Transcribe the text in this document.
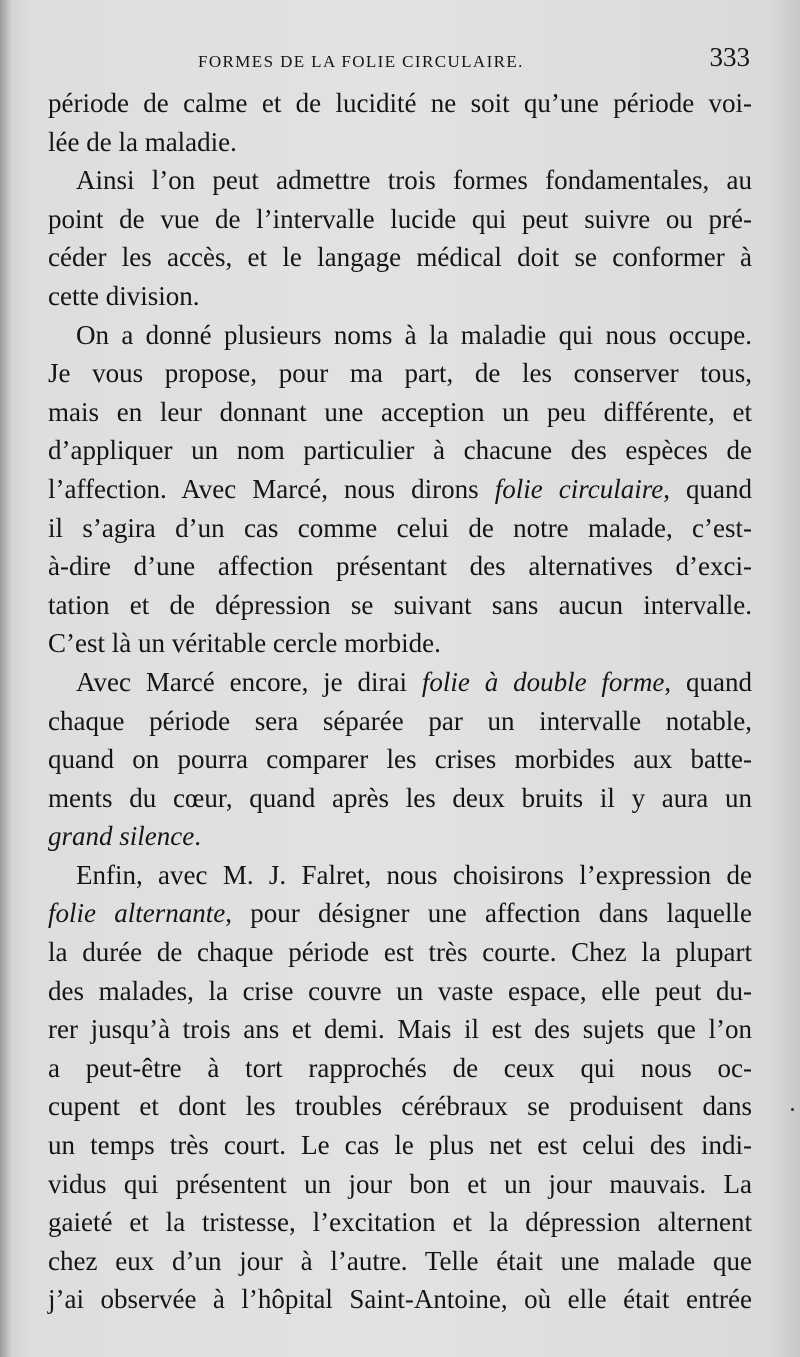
FORMES DE LA FOLIE CIRCULAIRE.	333
période de calme et de lucidité ne soit qu’une période voi-
lée de la maladie.
Ainsi l’on peut admettre trois formes fondamentales, au
point de vue de l’intervalle lucide qui peut suivre ou pré-
céder les accès, et le langage médical doit se conformer à
cette division.
On a donné plusieurs noms à la maladie qui nous occupe.
Je vous propose, pour ma part, de les conserver tous,
mais en leur donnant une acception un peu différente, et
d’appliquer un nom particulier à chacune des espèces de
l’affection. Avec Marcé, nous dirons folie circulaire, quand
il s’agira d’un cas comme celui de notre malade, c’est-
à-dire d’une affection présentant des alternatives d’exci-
tation et de dépression se suivant sans aucun intervalle.
C’est là un véritable cercle morbide.
Avec Marcé encore, je dirai folie à double forme, quand
chaque période sera séparée par un intervalle notable,
quand on pourra comparer les crises morbides aux batte-
ments du cœur, quand après les deux bruits il y aura un
grand silence.
Enfin, avec M. J. Falret, nous choisirons l’expression de
folie alternante, pour désigner une affection dans laquelle
la durée de chaque période est très courte. Chez la plupart
des malades, la crise couvre un vaste espace, elle peut du-
rer jusqu’à trois ans et demi. Mais il est des sujets que l’on
a peut-être à tort rapprochés de ceux qui nous oc-
cupent et dont les troubles cérébraux se produisent dans
un temps très court. Le cas le plus net est celui des indi-
vidus qui présentent un jour bon et un jour mauvais. La
gaieté et la tristesse, l’excitation et la dépression alternent
chez eux d’un jour à l’autre. Telle était une malade que
j’ai observée à l’hôpital Saint-Antoine, où elle était entrée
